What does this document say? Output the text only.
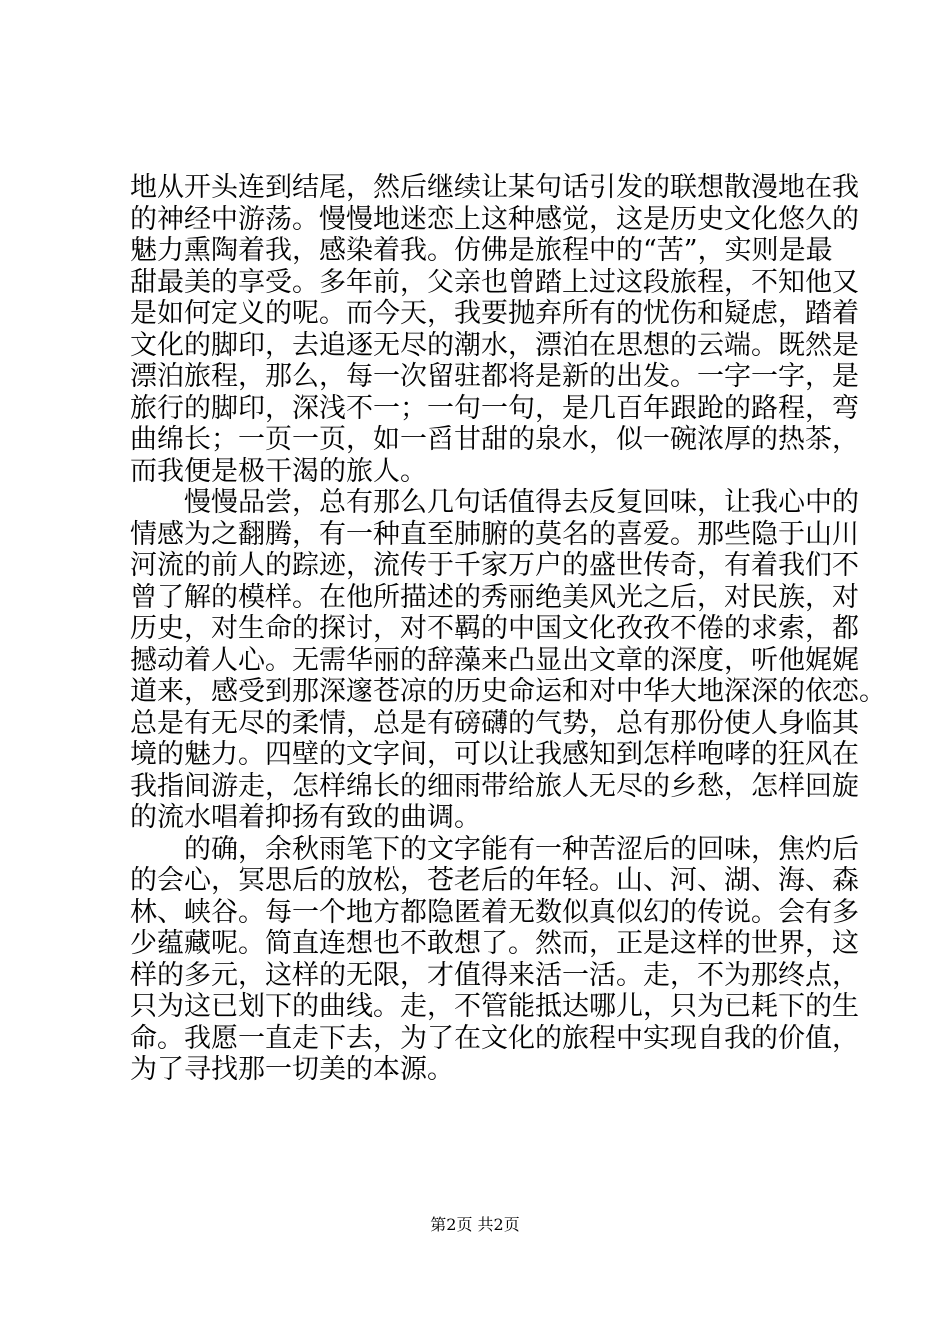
地从开头连到结尾，然后继续让某句话引发的联想散漫地在我
的神经中游荡。慢慢地迷恋上这种感觉，这是历史文化悠久的
魅力熏陶着我，感染着我。仿佛是旅程中的“苦”，实则是最
甜最美的享受。多年前，父亲也曾踏上过这段旅程，不知他又
是如何定义的呢。而今天，我要抛弃所有的忧伤和疑虑，踏着
文化的脚印，去追逐无尽的潮水，漂泊在思想的云端。既然是
漂泊旅程，那么，每一次留驻都将是新的出发。一字一字，是
旅行的脚印，深浅不一；一句一句，是几百年跟跄的路程，弯
曲绵长；一页一页，如一舀甘甜的泉水，似一碗浓厚的热茶，
而我便是极干渴的旅人。
　　慢慢品尝，总有那么几句话值得去反复回味，让我心中的
情感为之翻腾，有一种直至肺腑的莫名的喜爱。那些隐于山川
河流的前人的踪迹，流传于千家万户的盛世传奇，有着我们不
曾了解的模样。在他所描述的秀丽绝美风光之后，对民族，对
历史，对生命的探讨，对不羁的中国文化孜孜不倦的求索，都
撼动着人心。无需华丽的辞藻来凸显出文章的深度，听他娓娓
道来，感受到那深邃苍凉的历史命运和对中华大地深深的依恋。
总是有无尽的柔情，总是有磅礴的气势，总有那份使人身临其
境的魅力。四壁的文字间，可以让我感知到怎样咆哮的狂风在
我指间游走，怎样绵长的细雨带给旅人无尽的乡愁，怎样回旋
的流水唱着抑扬有致的曲调。
　　的确，余秋雨笔下的文字能有一种苦涩后的回味，焦灼后
的会心，冥思后的放松，苍老后的年轻。山、河、湖、海、森
林、峡谷。每一个地方都隐匿着无数似真似幻的传说。会有多
少蕴藏呢。简直连想也不敢想了。然而，正是这样的世界，这
样的多元，这样的无限，才值得来活一活。走，不为那终点，
只为这已划下的曲线。走，不管能抵达哪儿，只为已耗下的生
命。我愿一直走下去，为了在文化的旅程中实现自我的价值，
为了寻找那一切美的本源。
第2页 共2页
